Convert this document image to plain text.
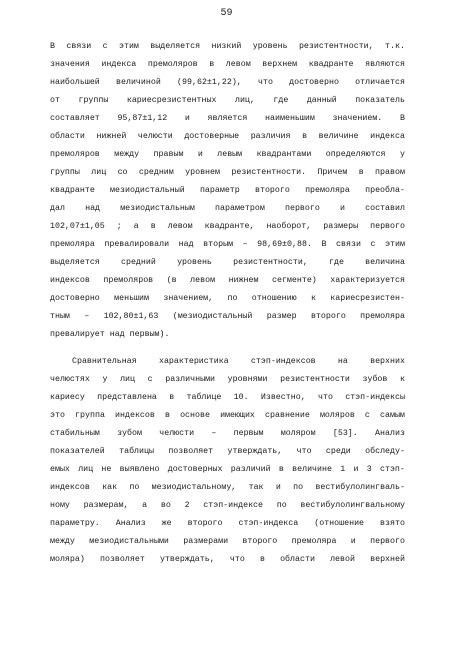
59
В связи с этим выделяется низкий уровень резистентности, т.к.
значения индекса премоляров в левом верхнем квадранте являются
наибольшей величиной (99,62±1,22), что достоверно отличается
от группы кариесрезистентных лиц, где данный показатель
составляет 95,87±1,12 и является наименьшим значением. В
области нижней челюсти достоверные различия в величине индекса
премоляров между правым и левым квадрантами определяются у
группы лиц со средним уровнем резистентности. Причем в правом
квадранте мезиодистальный параметр второго премоляра преобла-
дал над мезиодистальным параметром первого и составил
102,07±1,05 ; а в левом квадранте, наоборот, размеры первого
премоляра превалировали над вторым – 98,69±0,88. В связи с этим
выделяется	средний	уровень	резистентности,	где	величина
индексов премоляров (в левом нижнем сегменте) характеризуется
достоверно меньшим значением, по отношению к кариесрезистен-
тным – 102,80±1,63 (мезиодистальный размер второго премоляра
превалирует над первым).
Сравнительная	характеристика	стэп-индексов	на	верхних
челюстях у лиц с различными уровнями резистентности зубов к
кариесу представлена в таблице 10. Известно, что стэп-индексы
это группа индексов в основе имеющих сравнение моляров с самым
стабильным зубом челюсти – первым моляром [53]. Анализ
показателей таблицы позволяет утверждать, что среди обследу-
емых лиц не выявлено достоверных различий в величине 1 и 3 стэп-
индексов как по мезиодистальному, так и по вестибулолингваль-
ному размерам, а во 2 стэп-индексе по вестибулолингвальному
параметру. Анализ же второго стэп-индекса (отношение взято
между мезиодистальными размерами второго премоляра и первого
моляра) позволяет утверждать, что в области левой верхней
